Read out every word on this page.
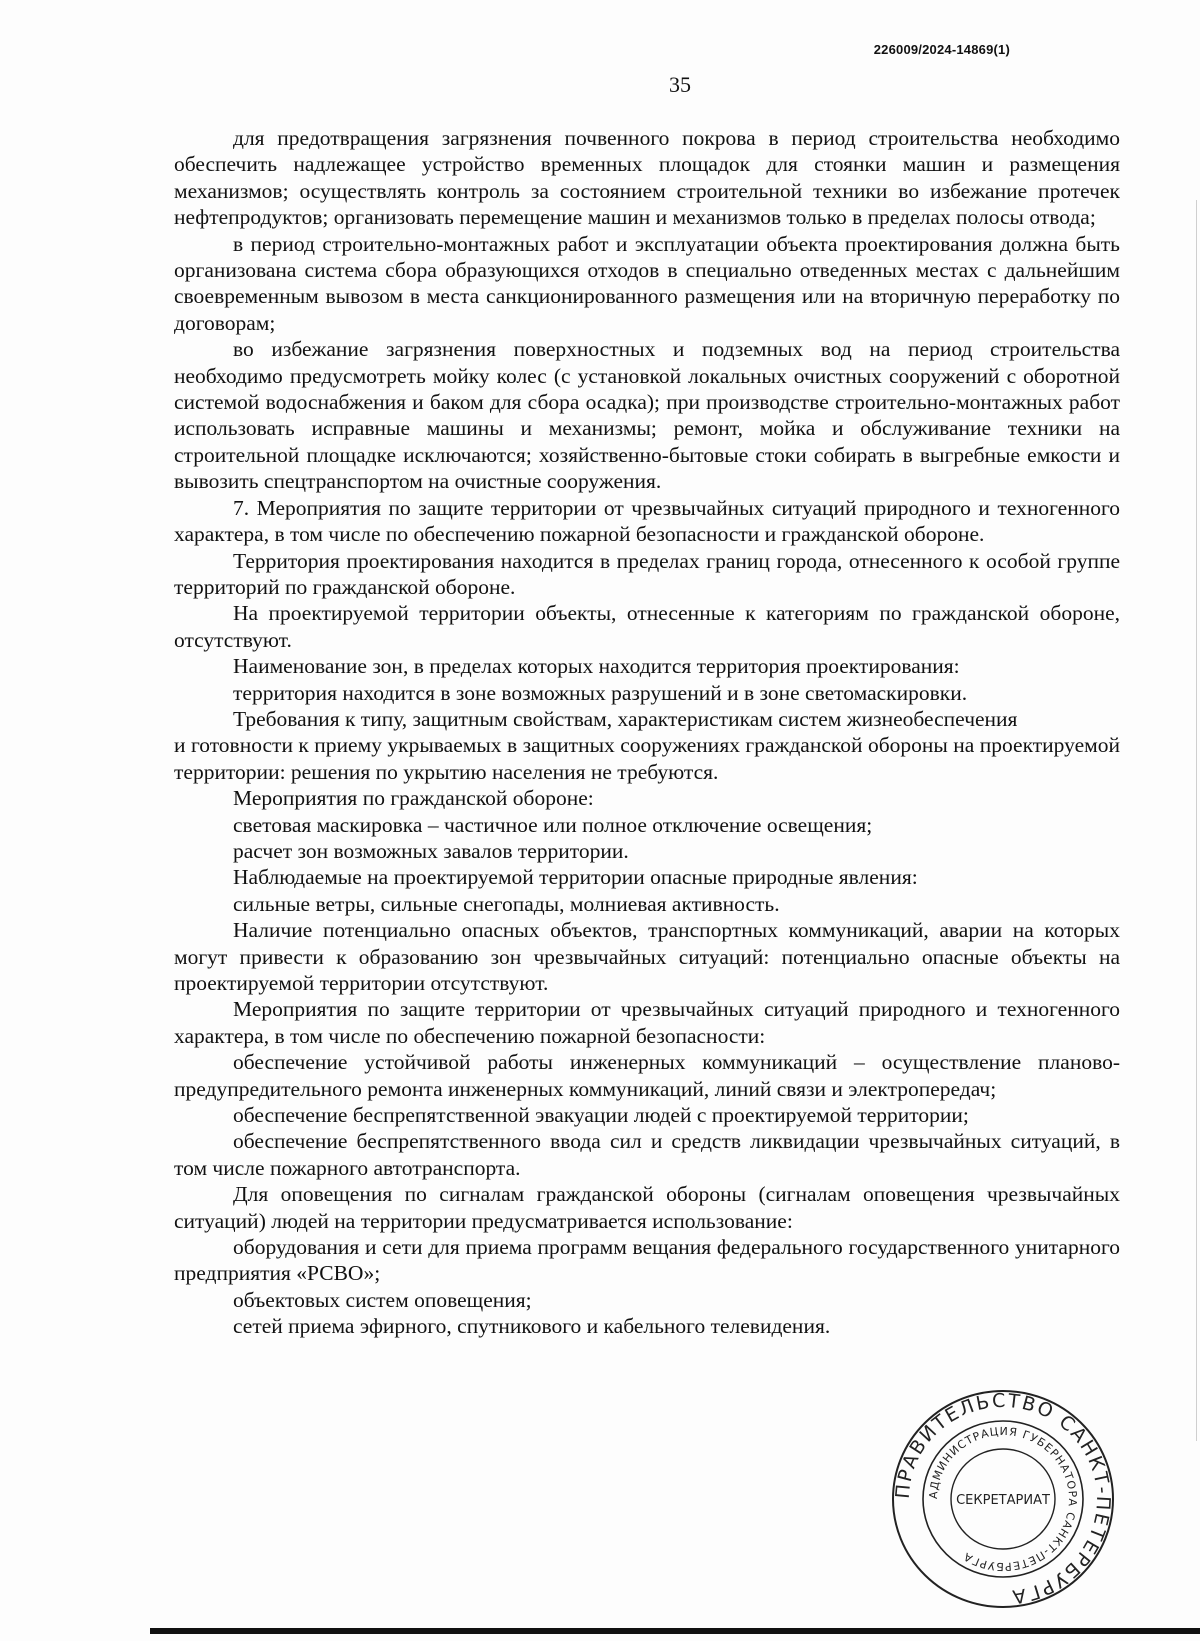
226009/2024-14869(1)
35

для предотвращения загрязнения почвенного покрова в период строительства необходимо обеспечить надлежащее устройство временных площадок для стоянки машин и размещения механизмов; осуществлять контроль за состоянием строительной техники во избежание протечек нефтепродуктов; организовать перемещение машин и механизмов только в пределах полосы отвода;

в период строительно-монтажных работ и эксплуатации объекта проектирования должна быть организована система сбора образующихся отходов в специально отведенных местах с дальнейшим своевременным вывозом в места санкционированного размещения или на вторичную переработку по договорам;

во избежание загрязнения поверхностных и подземных вод на период строительства необходимо предусмотреть мойку колес (с установкой локальных очистных сооружений с оборотной системой водоснабжения и баком для сбора осадка); при производстве строительно-монтажных работ использовать исправные машины и механизмы; ремонт, мойка и обслуживание техники на строительной площадке исключаются; хозяйственно-бытовые стоки собирать в выгребные емкости и вывозить спецтранспортом на очистные сооружения.

7. Мероприятия по защите территории от чрезвычайных ситуаций природного и техногенного характера, в том числе по обеспечению пожарной безопасности и гражданской обороне.

Территория проектирования находится в пределах границ города, отнесенного к особой группе территорий по гражданской обороне.

На проектируемой территории объекты, отнесенные к категориям по гражданской обороне, отсутствуют.

Наименование зон, в пределах которых находится территория проектирования:

территория находится в зоне возможных разрушений и в зоне светомаскировки.

Требования к типу, защитным свойствам, характеристикам систем жизнеобеспечения

и готовности к приему укрываемых в защитных сооружениях гражданской обороны на проектируемой территории: решения по укрытию населения не требуются.

Мероприятия по гражданской обороне:

световая маскировка – частичное или полное отключение освещения;

расчет зон возможных завалов территории.

Наблюдаемые на проектируемой территории опасные природные явления:

сильные ветры, сильные снегопады, молниевая активность.

Наличие потенциально опасных объектов, транспортных коммуникаций, аварии на которых могут привести к образованию зон чрезвычайных ситуаций: потенциально опасные объекты на проектируемой территории отсутствуют.

Мероприятия по защите территории от чрезвычайных ситуаций природного и техногенного характера, в том числе по обеспечению пожарной безопасности:

обеспечение устойчивой работы инженерных коммуникаций – осуществление планово-предупредительного ремонта инженерных коммуникаций, линий связи и электропередач;

обеспечение беспрепятственной эвакуации людей с проектируемой территории;

обеспечение беспрепятственного ввода сил и средств ликвидации чрезвычайных ситуаций, в том числе пожарного автотранспорта.

Для оповещения по сигналам гражданской обороны (сигналам оповещения чрезвычайных ситуаций) людей на территории предусматривается использование:

оборудования и сети для приема программ вещания федерального государственного унитарного предприятия «РСВО»;

объектовых систем оповещения;

сетей приема эфирного, спутникового и кабельного телевидения.

ПРАВИТЕЛЬСТВО САНКТ-ПЕТЕРБУРГА
АДМИНИСТРАЦИЯ ГУБЕРНАТОРА САНКТ-ПЕТЕРБУРГА
СЕКРЕТАРИАТ
